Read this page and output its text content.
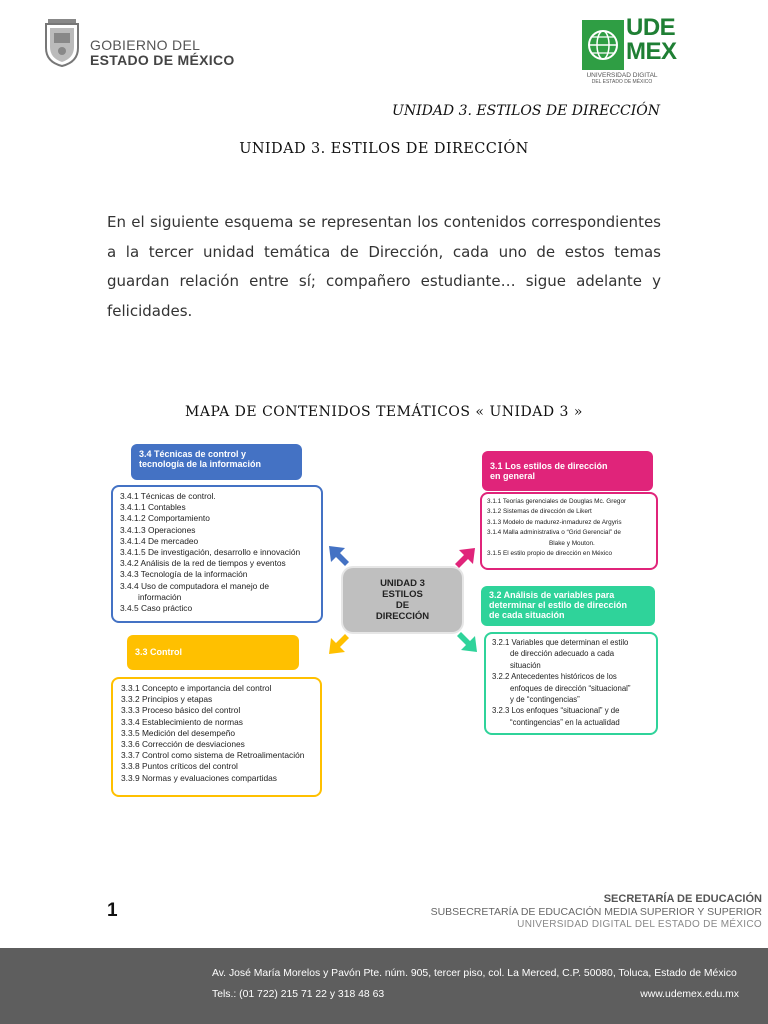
GOBIERNO DEL
ESTADO DE MÉXICO
UDE
MEX
UNIVERSIDAD DIGITAL
DEL ESTADO DE MÉXICO
UNIDAD 3. ESTILOS DE DIRECCIÓN
UNIDAD 3. ESTILOS DE DIRECCIÓN
En el siguiente esquema se representan los contenidos correspondientes a la tercer unidad temática de Dirección, cada uno de estos temas guardan relación entre sí; compañero estudiante… sigue adelante y felicidades.
MAPA DE CONTENIDOS TEMÁTICOS « UNIDAD 3 »
3.4 Técnicas de control y
tecnología de la información
3.4.1 Técnicas de control.
3.4.1.1 Contables
3.4.1.2 Comportamiento
3.4.1.3 Operaciones
3.4.1.4 De mercadeo
3.4.1.5 De investigación, desarrollo e innovación
3.4.2 Análisis de la red de tiempos y eventos
3.4.3 Tecnología de la información
3.4.4 Uso de computadora el manejo de
información
3.4.5 Caso práctico
3.1 Los estilos de dirección
en general
3.1.1 Teorías gerenciales de Douglas Mc. Gregor
3.1.2 Sistemas de dirección de Likert
3.1.3 Modelo de madurez-inmadurez de Argyris
3.1.4 Malla administrativa o “Grid Gerencial” de
Blake y Mouton.
3.1.5 El estilo propio de dirección en México
UNIDAD 3
ESTILOS
DE
DIRECCIÓN
3.2 Análisis de variables para
determinar el estilo de dirección
de cada situación
3.2.1 Variables que determinan el estilo
de dirección adecuado a cada
situación
3.2.2 Antecedentes históricos de los
enfoques de dirección “situacional”
y de “contingencias”
3.2.3 Los enfoques “situacional” y de
“contingencias” en la actualidad
3.3 Control
3.3.1 Concepto e importancia del control
3.3.2 Principios y etapas
3.3.3 Proceso básico del control
3.3.4 Establecimiento de normas
3.3.5 Medición del desempeño
3.3.6 Corrección de desviaciones
3.3.7 Control como sistema de Retroalimentación
3.3.8 Puntos críticos del control
3.3.9 Normas y evaluaciones compartidas
1
SECRETARÍA DE EDUCACIÓN
SUBSECRETARÍA DE EDUCACIÓN MEDIA SUPERIOR Y SUPERIOR
UNIVERSIDAD DIGITAL DEL ESTADO DE MÉXICO
Av. José María Morelos y Pavón Pte. núm. 905, tercer piso, col. La Merced, C.P. 50080, Toluca, Estado de México
Tels.: (01 722) 215 71 22 y 318 48 63	www.udemex.edu.mx
